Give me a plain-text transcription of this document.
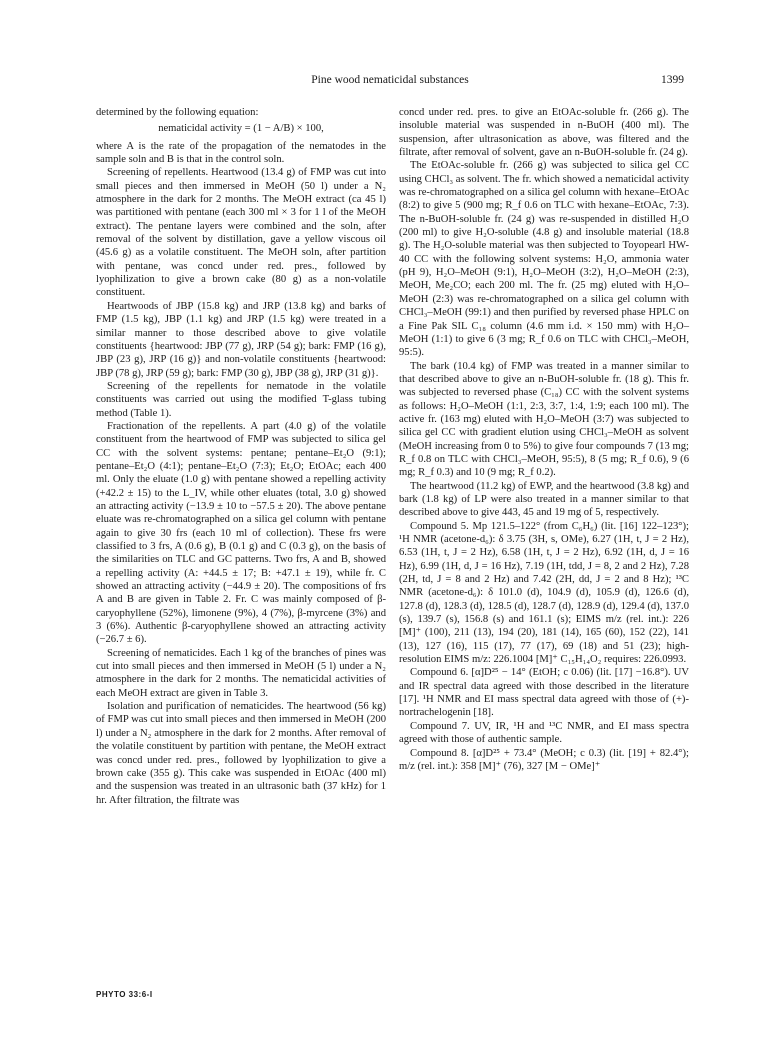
Pine wood nematicidal substances	1399

determined by the following equation:

nematicidal activity = (1 − A/B) × 100,

where A is the rate of the propagation of the nematodes in the sample soln and B is that in the control soln.

Screening of repellents. Heartwood (13.4 g) of FMP was cut into small pieces and then immersed in MeOH (50 l) under a N₂ atmosphere in the dark for 2 months. The MeOH extract (ca 45 l) was partitioned with pentane (each 300 ml × 3 for 1 l of the MeOH extract). The pentane layers were combined and the soln, after removal of the solvent by distillation, gave a yellow viscous oil (45.6 g) as a volatile constituent. The MeOH soln, after partition with pentane, was concd under red. pres., followed by lyophilization to give a brown cake (80 g) as a non-volatile constituent.

Heartwoods of JBP (15.8 kg) and JRP (13.8 kg) and barks of FMP (1.5 kg), JBP (1.1 kg) and JRP (1.5 kg) were treated in a similar manner to those described above to give volatile constituents {heartwood: JBP (77 g), JRP (54 g); bark: FMP (16 g), JBP (23 g), JRP (16 g)} and non-volatile constituents {heartwood: JBP (78 g), JRP (59 g); bark: FMP (30 g), JBP (38 g), JRP (31 g)}.

Screening of the repellents for nematode in the volatile constituents was carried out using the modified T-glass tubing method (Table 1).

Fractionation of the repellents. A part (4.0 g) of the volatile constituent from the heartwood of FMP was subjected to silica gel CC with the solvent systems: pentane; pentane–Et₂O (9:1); pentane–Et₂O (4:1); pentane–Et₂O (7:3); Et₂O; EtOAc; each 400 ml. Only the eluate (1.0 g) with pentane showed a repelling activity (+42.2 ± 15) to the L_IV, while other eluates (total, 3.0 g) showed an attracting activity (−13.9 ± 10 to −57.5 ± 20). The above pentane eluate was re-chromatographed on a silica gel column with pentane again to give 30 frs (each 10 ml of collection). These frs were classified to 3 frs, A (0.6 g), B (0.1 g) and C (0.3 g), on the basis of the similarities on TLC and GC patterns. Two frs, A and B, showed a repelling activity (A: +44.5 ± 17; B: +47.1 ± 19), while fr. C showed an attracting activity (−44.9 ± 20). The compositions of frs A and B are given in Table 2. Fr. C was mainly composed of β-caryophyllene (52%), limonene (9%), 4 (7%), β-myrcene (3%) and 3 (6%). Authentic β-caryophyllene showed an attracting activity (−26.7 ± 6).

Screening of nematicides. Each 1 kg of the branches of pines was cut into small pieces and then immersed in MeOH (5 l) under a N₂ atmosphere in the dark for 2 months. The nematicidal activities of each MeOH extract are given in Table 3.

Isolation and purification of nematicides. The heartwood (56 kg) of FMP was cut into small pieces and then immersed in MeOH (200 l) under a N₂ atmosphere in the dark for 2 months. After removal of the volatile constituent by partition with pentane, the MeOH extract was concd under red. pres., followed by lyophilization to give a brown cake (355 g). This cake was suspended in EtOAc (400 ml) and the suspension was treated in an ultrasonic bath (37 kHz) for 1 hr. After filtration, the filtrate was

concd under red. pres. to give an EtOAc-soluble fr. (266 g). The insoluble material was suspended in n-BuOH (400 ml). The suspension, after ultrasonication as above, was filtered and the filtrate, after removal of solvent, gave an n-BuOH-soluble fr. (24 g).

The EtOAc-soluble fr. (266 g) was subjected to silica gel CC using CHCl₃ as solvent. The fr. which showed a nematicidal activity was re-chromatographed on a silica gel column with hexane–EtOAc (8:2) to give 5 (900 mg; R_f 0.6 on TLC with hexane–EtOAc, 7:3). The n-BuOH-soluble fr. (24 g) was re-suspended in distilled H₂O (200 ml) to give H₂O-soluble (4.8 g) and insoluble material (18.8 g). The H₂O-soluble material was then subjected to Toyopearl HW-40 CC with the following solvent systems: H₂O, ammonia water (pH 9), H₂O–MeOH (9:1), H₂O–MeOH (3:2), H₂O–MeOH (2:3), MeOH, Me₂CO; each 200 ml. The fr. (25 mg) eluted with H₂O–MeOH (2:3) was re-chromatographed on a silica gel column with CHCl₃–MeOH (99:1) and then purified by reversed phase HPLC on a Fine Pak SIL C₁₈ column (4.6 mm i.d. × 150 mm) with H₂O–MeOH (1:1) to give 6 (3 mg; R_f 0.6 on TLC with CHCl₃–MeOH, 95:5).

The bark (10.4 kg) of FMP was treated in a manner similar to that described above to give an n-BuOH-soluble fr. (18 g). This fr. was subjected to reversed phase (C₁₈) CC with the solvent systems as follows: H₂O–MeOH (1:1, 2:3, 3:7, 1:4, 1:9; each 100 ml). The active fr. (163 mg) eluted with H₂O–MeOH (3:7) was subjected to silica gel CC with gradient elution using CHCl₃–MeOH as solvent (MeOH increasing from 0 to 5%) to give four compounds 7 (13 mg; R_f 0.8 on TLC with CHCl₃–MeOH, 95:5), 8 (5 mg; R_f 0.6), 9 (6 mg; R_f 0.3) and 10 (9 mg; R_f 0.2).

The heartwood (11.2 kg) of EWP, and the heartwood (3.8 kg) and bark (1.8 kg) of LP were also treated in a manner similar to that described above to give 443, 45 and 19 mg of 5, respectively.

Compound 5. Mp 121.5–122° (from C₆H₆) (lit. [16] 122–123°); ¹H NMR (acetone-d₆): δ 3.75 (3H, s, OMe), 6.27 (1H, t, J = 2 Hz), 6.53 (1H, t, J = 2 Hz), 6.58 (1H, t, J = 2 Hz), 6.92 (1H, d, J = 16 Hz), 6.99 (1H, d, J = 16 Hz), 7.19 (1H, tdd, J = 8, 2 and 2 Hz), 7.28 (2H, td, J = 8 and 2 Hz) and 7.42 (2H, dd, J = 2 and 8 Hz); ¹³C NMR (acetone-d₆): δ 101.0 (d), 104.9 (d), 105.9 (d), 126.6 (d), 127.8 (d), 128.3 (d), 128.5 (d), 128.7 (d), 128.9 (d), 129.4 (d), 137.0 (s), 139.7 (s), 156.8 (s) and 161.1 (s); EIMS m/z (rel. int.): 226 [M]⁺ (100), 211 (13), 194 (20), 181 (14), 165 (60), 152 (22), 141 (13), 127 (16), 115 (17), 77 (17), 69 (18) and 51 (23); high-resolution EIMS m/z: 226.1004 [M]⁺ C₁₅H₁₄O₂ requires: 226.0993.

Compound 6. [α]D²⁵ − 14° (EtOH; c 0.06) (lit. [17] −16.8°). UV and IR spectral data agreed with those described in the literature [17]. ¹H NMR and EI mass spectral data agreed with those of (+)-nortrachelogenin [18].

Compound 7. UV, IR, ¹H and ¹³C NMR, and EI mass spectra agreed with those of authentic sample.

Compound 8. [α]D²⁵ + 73.4° (MeOH; c 0.3) (lit. [19] + 82.4°); m/z (rel. int.): 358 [M]⁺ (76), 327 [M − OMe]⁺

PHYTO 33:6-I
